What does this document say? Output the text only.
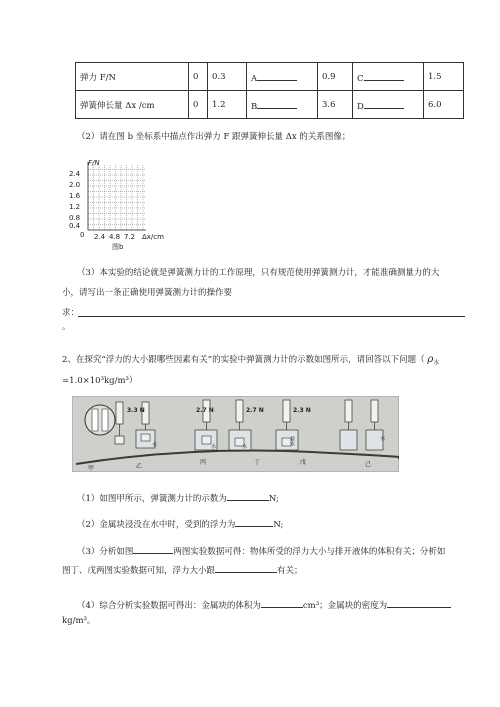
弹力 F/N	0	0.3	A	0.9	C	1.5
弹簧伸长量 Δx /cm	0	1.2	B	3.6	D	6.0
（2）请在图 b 坐标系中描点作出弹力 F 跟弹簧伸长量 Δx 的关系图像；
F/N
2.4
2.0
1.6
1.2
0.8
0.4
0 2.4 4.8 7.2 Δx/cm
图b
（3）本实验的结论就是弹簧测力计的工作原理，只有规范使用弹簧测力计，才能准确测量力的大
小，请写出一条正确使用弹簧测力计的操作要
求：
。
2、在探究“浮力的大小跟哪些因素有关”的实验中弹簧测力计的示数如图所示，请回答以下问题（ $\rho_水$
=1.0×10³kg/m³）
3.3 N	2.7 N	2.7 N	2.3 N
水	水	水
盐水	水
甲	乙
丙	丁	戊	己
（1）如图甲所示，弹簧测力计的示数为	N;
（2）金属块浸没在水中时，受到的浮力为	N;
（3）分析如图	两图实验数据可得：物体所受的浮力大小与排开液体的体积有关；分析如
图丁、戊两图实验数据可知，浮力大小跟	有关；
（4）综合分析实验数据可得出：金属块的体积为	cm³；金属块的密度为
kg/m³。
